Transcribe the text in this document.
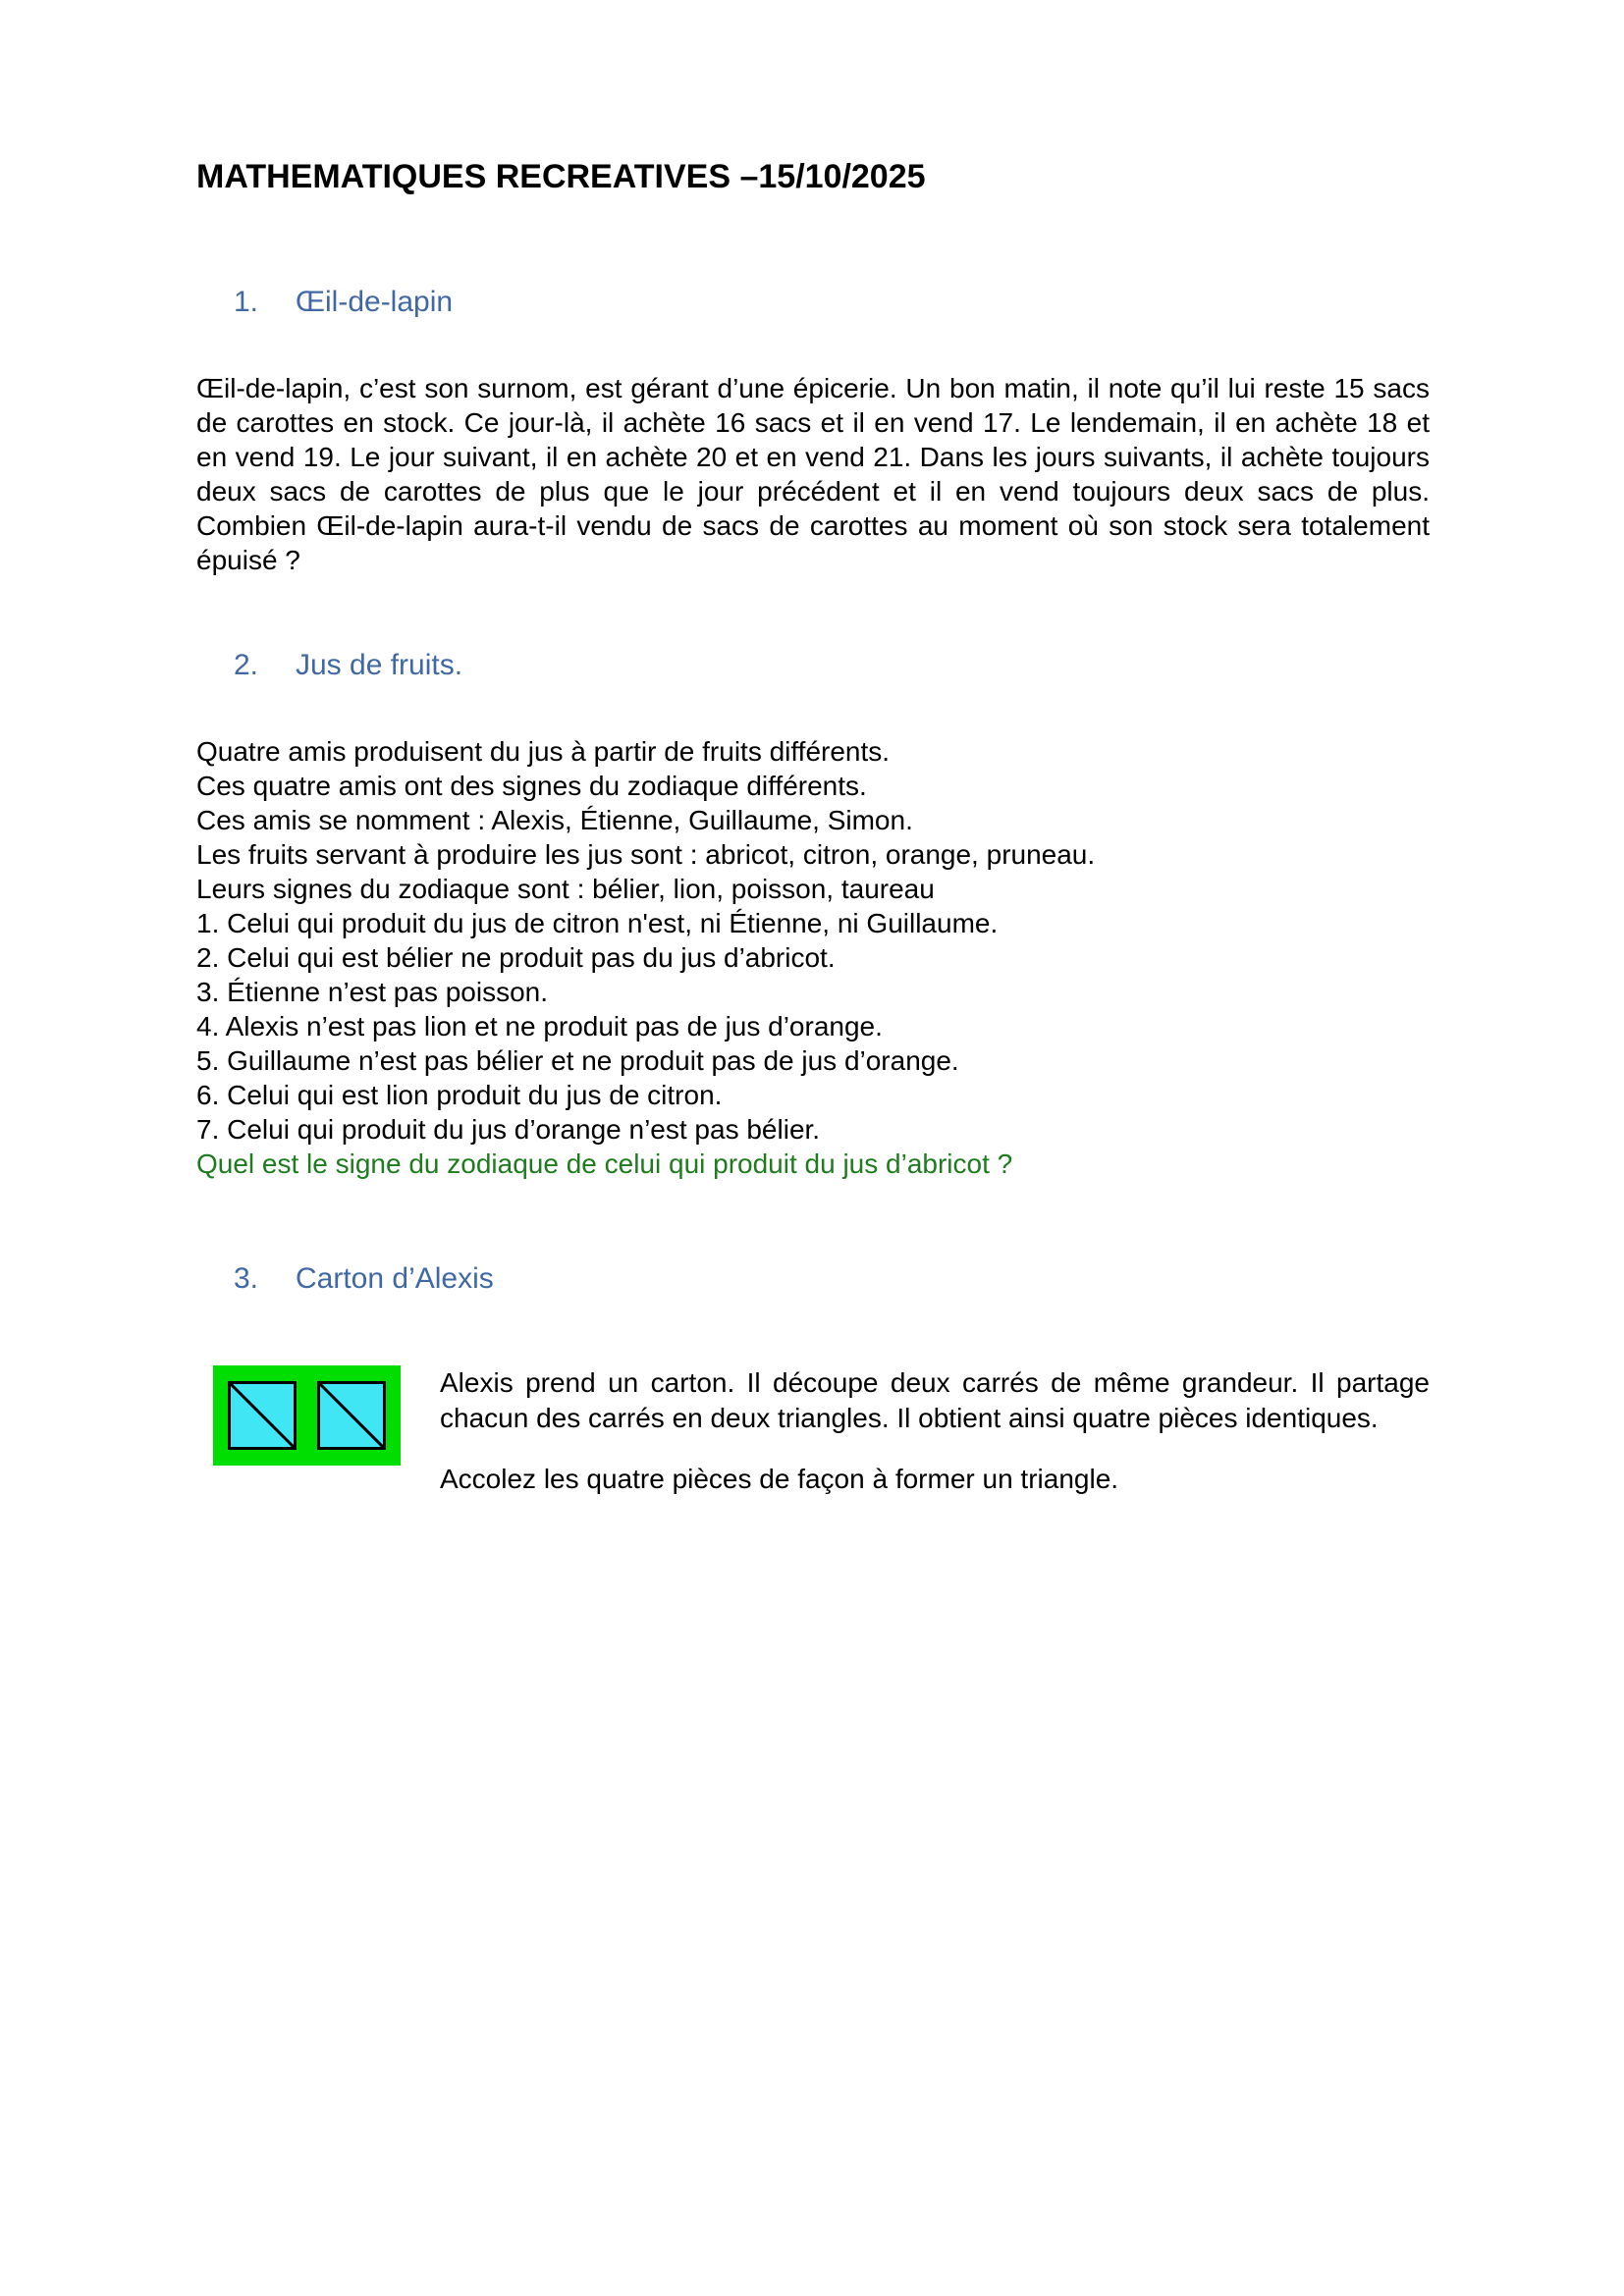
MATHEMATIQUES RECREATIVES –15/10/2025
1.	Œil-de-lapin
Œil-de-lapin, c’est son surnom, est gérant d’une épicerie. Un bon matin, il note qu’il lui reste 15 sacs de carottes en stock. Ce jour-là, il achète 16 sacs et il en vend 17. Le lendemain, il en achète 18 et en vend 19. Le jour suivant, il en achète 20 et en vend 21. Dans les jours suivants, il achète toujours deux sacs de carottes de plus que le jour précédent et il en vend toujours deux sacs de plus. Combien Œil-de-lapin aura-t-il vendu de sacs de carottes au moment où son stock sera totalement épuisé ?
2.	Jus de fruits.
Quatre amis produisent du jus à partir de fruits différents.
Ces quatre amis ont des signes du zodiaque différents.
Ces amis se nomment : Alexis, Étienne, Guillaume, Simon.
Les fruits servant à produire les jus sont : abricot, citron, orange, pruneau.
Leurs signes du zodiaque sont : bélier, lion, poisson, taureau
1. Celui qui produit du jus de citron n'est, ni Étienne, ni Guillaume.
2. Celui qui est bélier ne produit pas du jus d’abricot.
3. Étienne n’est pas poisson.
4. Alexis n’est pas lion et ne produit pas de jus d’orange.
5. Guillaume n’est pas bélier et ne produit pas de jus d’orange.
6. Celui qui est lion produit du jus de citron.
7. Celui qui produit du jus d’orange n’est pas bélier.
Quel est le signe du zodiaque de celui qui produit du jus d’abricot ?
3.	Carton d’Alexis
Alexis prend un carton. Il découpe deux carrés de même grandeur. Il partage chacun des carrés en deux triangles. Il obtient ainsi quatre pièces identiques.
Accolez les quatre pièces de façon à former un triangle.
